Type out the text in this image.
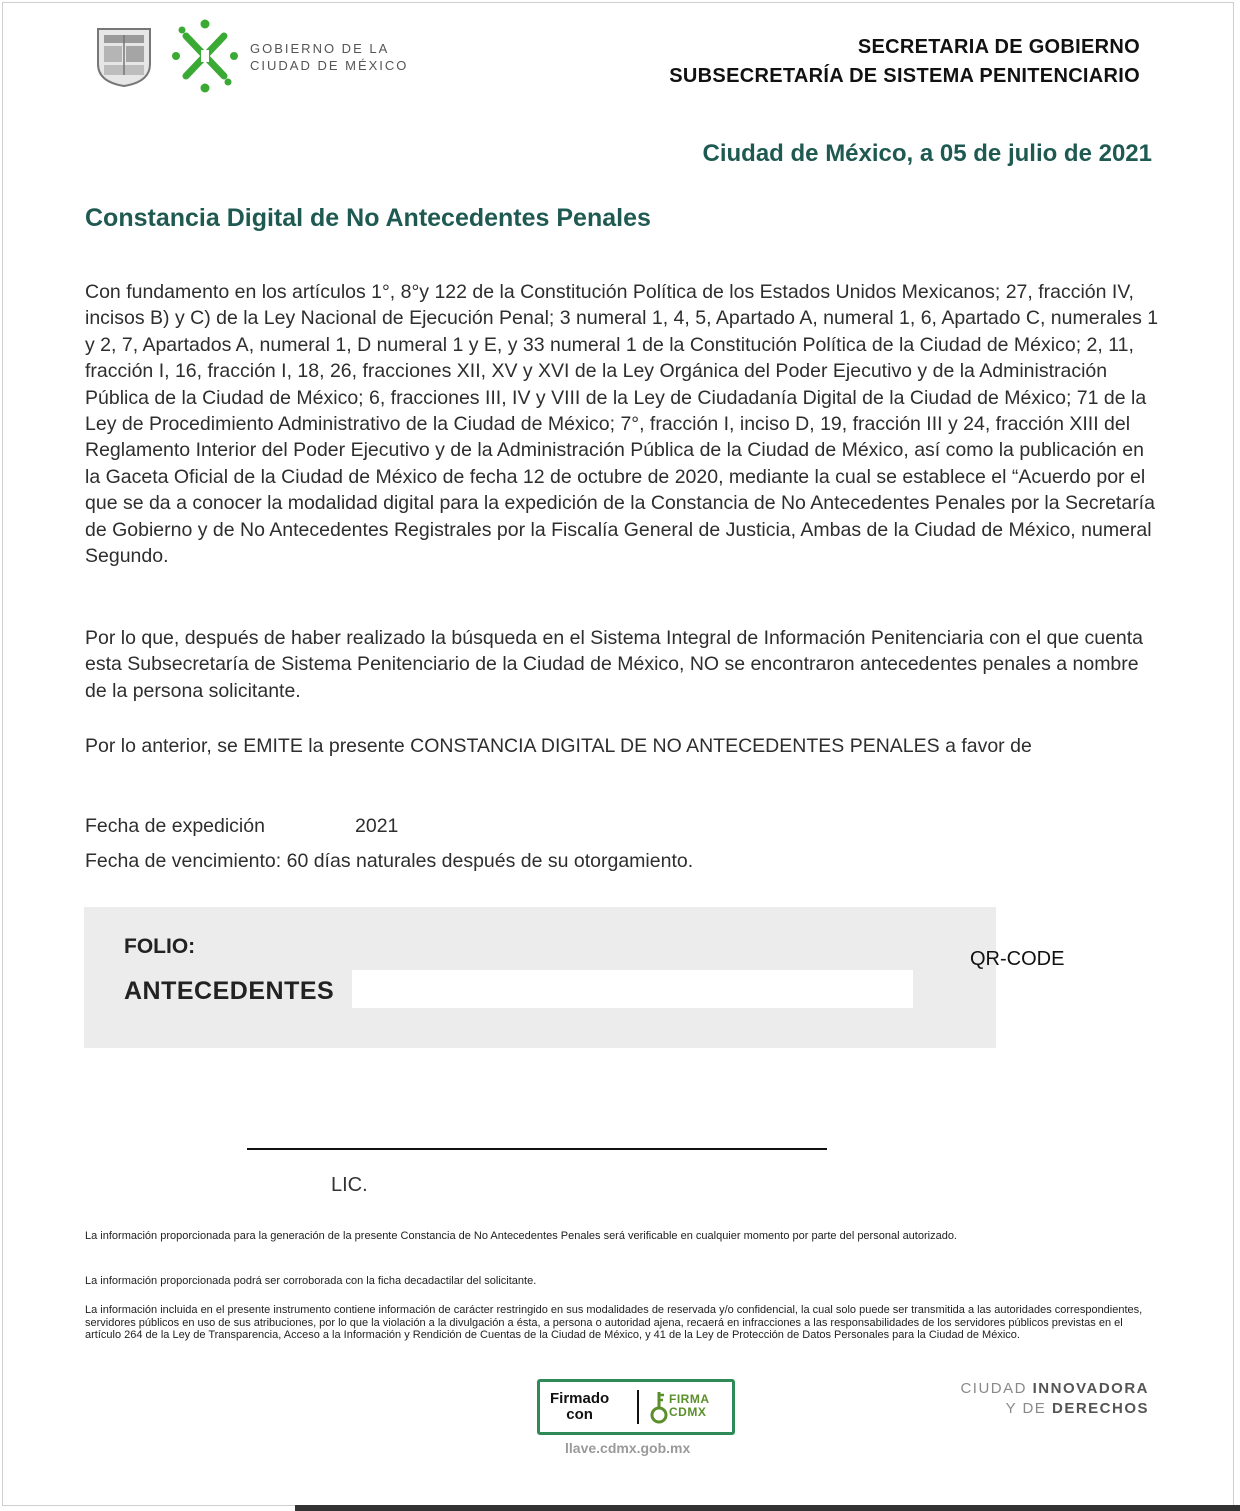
GOBIERNO DE LA
CIUDAD DE MÉXICO
SECRETARIA DE GOBIERNO
SUBSECRETARÍA DE SISTEMA PENITENCIARIO
Ciudad de México, a 05 de julio de 2021
Constancia Digital de No Antecedentes Penales

Con fundamento en los artículos 1°, 8°y 122 de la Constitución Política de los Estados Unidos Mexicanos; 27, fracción IV, incisos B) y C) de la Ley Nacional de Ejecución Penal; 3 numeral 1, 4, 5, Apartado A, numeral 1, 6, Apartado C, numerales 1 y 2, 7, Apartados A, numeral 1, D numeral 1 y E, y 33 numeral 1 de la Constitución Política de la Ciudad de México; 2, 11, fracción I, 16, fracción I, 18, 26, fracciones XII, XV y XVI de la Ley Orgánica del Poder Ejecutivo y de la Administración Pública de la Ciudad de México; 6, fracciones III, IV y VIII de la Ley de Ciudadanía Digital de la Ciudad de México; 71 de la Ley de Procedimiento Administrativo de la Ciudad de México; 7°, fracción I, inciso D, 19, fracción III y 24, fracción XIII del Reglamento Interior del Poder Ejecutivo y de la Administración Pública de la Ciudad de México, así como la publicación en la Gaceta Oficial de la Ciudad de México de fecha 12 de octubre de 2020, mediante la cual se establece el “Acuerdo por el que se da a conocer la modalidad digital para la expedición de la Constancia de No Antecedentes Penales por la Secretaría de Gobierno y de No Antecedentes Registrales por la Fiscalía General de Justicia, Ambas de la Ciudad de México, numeral Segundo.

Por lo que, después de haber realizado la búsqueda en el Sistema Integral de Información Penitenciaria con el que cuenta esta Subsecretaría de Sistema Penitenciario de la Ciudad de México, NO se encontraron antecedentes penales a nombre de la persona solicitante.

Por lo anterior, se EMITE la presente CONSTANCIA DIGITAL DE NO ANTECEDENTES PENALES a favor de

Fecha de expedición	2021
Fecha de vencimiento: 60 días naturales después de su otorgamiento.
FOLIO:
ANTECEDENTES
QR-CODE
LIC.

La información proporcionada para la generación de la presente Constancia de No Antecedentes Penales será verificable en cualquier momento por parte del personal autorizado.

La información proporcionada podrá ser corroborada con la ficha decadactilar del solicitante.

La información incluida en el presente instrumento contiene información de carácter restringido en sus modalidades de reservada y/o confidencial, la cual solo puede ser transmitida a las autoridades correspondientes, servidores públicos en uso de sus atribuciones, por lo que la violación a la divulgación a ésta, a persona o autoridad ajena, recaerá en infracciones a las responsabilidades de los servidores públicos previstas en el artículo 264 de la Ley de Transparencia, Acceso a la Información y Rendición de Cuentas de la Ciudad de México, y 41 de la Ley de Protección de Datos Personales para la Ciudad de México.

Firmado
con
FIRMA
CDMX
llave.cdmx.gob.mx
CIUDAD INNOVADORA
Y DE DERECHOS
